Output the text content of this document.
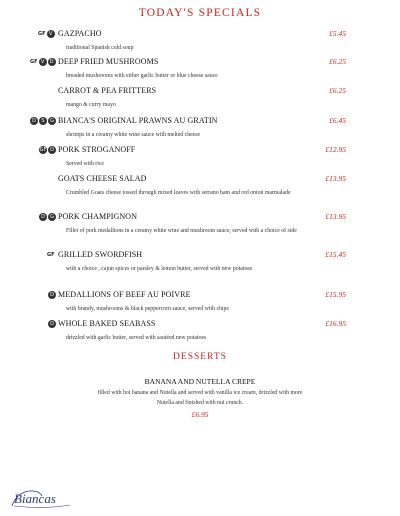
TODAY'S SPECIALS
GF V GAZPACHO	£5.45
traditional Spanish cold soup
GF V	D DEEP FRIED MUSHROOMS	£6.25
breaded mushrooms with either garlic butter or blue cheese sauce
CARROT & PEA FRITTERS	£6.25
mango & curry mayo
D	S	G BIANCA'S ORIGINAL PRAWNS AU GRATIN	£6.45
shrimps in a creamy white wine sauce with melted cheese
GF D PORK STROGANOFF	£12.95
Served with rice
GOATS CHEESE SALAD	£13.95
Crumbled Goats cheese tossed through mixed leaves with serrano ham and red onion marmalade
D	G PORK CHAMPIGNON	£13.95
Fillet of pork medallions in a creamy white wine and mushroom sauce, served with a choice of side
GF GRILLED SWORDFISH	£15.45
with a choice , cajun spices or parsley & lemon butter, served with new potatoes
D MEDALLIONS OF BEEF AU POIVRE	£15.95
with brandy, mushrooms & black peppercorn sauce, served with chips
D WHOLE BAKED SEABASS	£16.95
drizzled with garlic butter, served with sautéed new potatoes
DESSERTS
BANANA AND NUTELLA CREPE
filled with hot banana and Nutella and served with vanilla ice cream, drizzled with more Nutella and finished with nut crunch.
£6.95
Biancas
